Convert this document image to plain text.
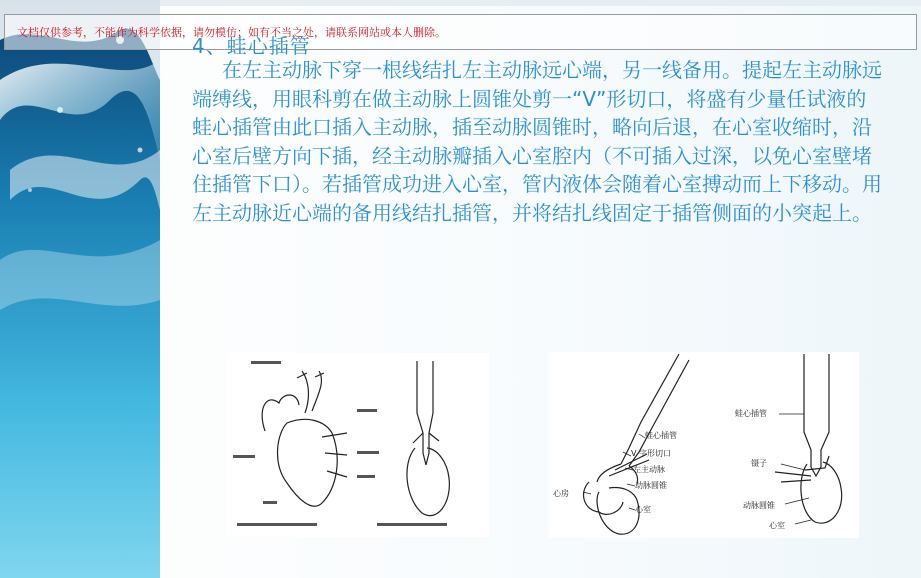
文档仅供参考，不能作为科学依据，请勿模仿；如有不当之处，请联系网站或本人删除。
4、蛙心插管

在左主动脉下穿一根线结扎左主动脉远心端，另一线备用。提起左主动脉远端缚线，用眼科剪在做主动脉上圆锥处剪一“V”形切口，将盛有少量任试液的蛙心插管由此口插入主动脉，插至动脉圆锥时，略向后退，在心室收缩时，沿心室后壁方向下插，经主动脉瓣插入心室腔内（不可插入过深，以免心室壁堵住插管下口）。若插管成功进入心室，管内液体会随着心室搏动而上下移动。用左主动脉近心端的备用线结扎插管，并将结扎线固定于插管侧面的小突起上。

蛙心插管
V 字形切口
左主动脉
动脉圆锥
心房
心室
蛙心插管
镊子
动脉圆锥
心室
